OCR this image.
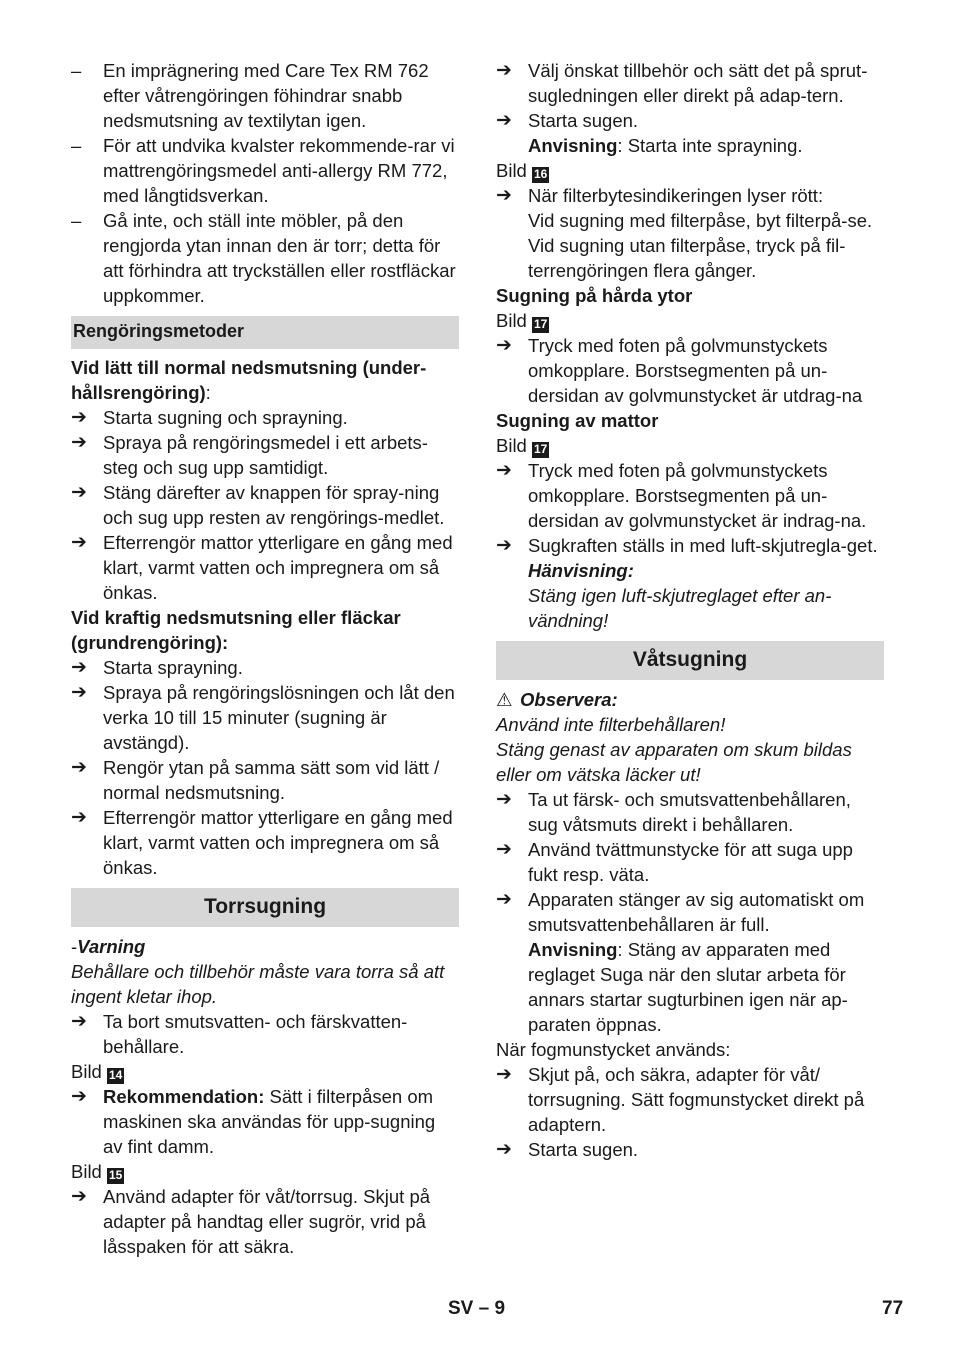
–	En imprägnering med Care Tex RM 762 efter våtrengöringen föhindrar snabb nedsmutsning av textilytan igen.
–	För att undvika kvalster rekommende-rar vi mattrengöringsmedel anti-allergy RM 772, med långtidsverkan.
–	Gå inte, och ställ inte möbler, på den rengjorda ytan innan den är torr; detta för att förhindra att tryckställen eller rostfläckar uppkommer.
Rengöringsmetoder
Vid lätt till normal nedsmutsning (under-hållsrengöring):
➔ Starta sugning och sprayning.
➔ Spraya på rengöringsmedel i ett arbets-steg och sug upp samtidigt.
➔ Stäng därefter av knappen för spray-ning och sug upp resten av rengörings-medlet.
➔ Efterrengör mattor ytterligare en gång med klart, varmt vatten och impregnera om så önkas.
Vid kraftig nedsmutsning eller fläckar (grundrengöring):
➔ Starta sprayning.
➔ Spraya på rengöringslösningen och låt den verka 10 till 15 minuter (sugning är avstängd).
➔ Rengör ytan på samma sätt som vid lätt / normal nedsmutsning.
➔ Efterrengör mattor ytterligare en gång med klart, varmt vatten och impregnera om så önkas.
Torrsugning
-Varning
Behållare och tillbehör måste vara torra så att ingent kletar ihop.
➔ Ta bort smutsvatten- och färskvatten-behållare.
Bild 14
➔ Rekommendation: Sätt i filterpåsen om maskinen ska användas för upp-sugning av fint damm.
Bild 15
➔ Använd adapter för våt/torrsug. Skjut på adapter på handtag eller sugrör, vrid på låsspaken för att säkra.
➔ Välj önskat tillbehör och sätt det på sprut-sugledningen eller direkt på adap-tern.
➔ Starta sugen.
Anvisning: Starta inte sprayning.
Bild 16
➔ När filterbytesindikeringen lyser rött:
Vid sugning med filterpåse, byt filterpå-se.
Vid sugning utan filterpåse, tryck på fil-terrengöringen flera gånger.
Sugning på hårda ytor
Bild 17
➔ Tryck med foten på golvmunstyckets omkopplare. Borstsegmenten på un-dersidan av golvmunstycket är utdrag-na
Sugning av mattor
Bild 17
➔ Tryck med foten på golvmunstyckets omkopplare. Borstsegmenten på un-dersidan av golvmunstycket är indrag-na.
➔ Sugkraften ställs in med luft-skjutregla-get.
Hänvisning:
Stäng igen luft-skjutreglaget efter an-vändning!
Våtsugning
⚠ Observera:
Använd inte filterbehållaren!
Stäng genast av apparaten om skum bildas eller om vätska läcker ut!
➔ Ta ut färsk- och smutsvattenbehållaren, sug våtsmuts direkt i behållaren.
➔ Använd tvättmunstycke för att suga upp fukt resp. väta.
➔ Apparaten stänger av sig automatiskt om smutsvattenbehållaren är full.
Anvisning: Stäng av apparaten med reglaget Suga när den slutar arbeta för annars startar sugturbinen igen när ap-paraten öppnas.
När fogmunstycket används:
➔ Skjut på, och säkra, adapter för våt/ torrsugning. Sätt fogmunstycket direkt på adaptern.
➔ Starta sugen.
SV – 9	77
